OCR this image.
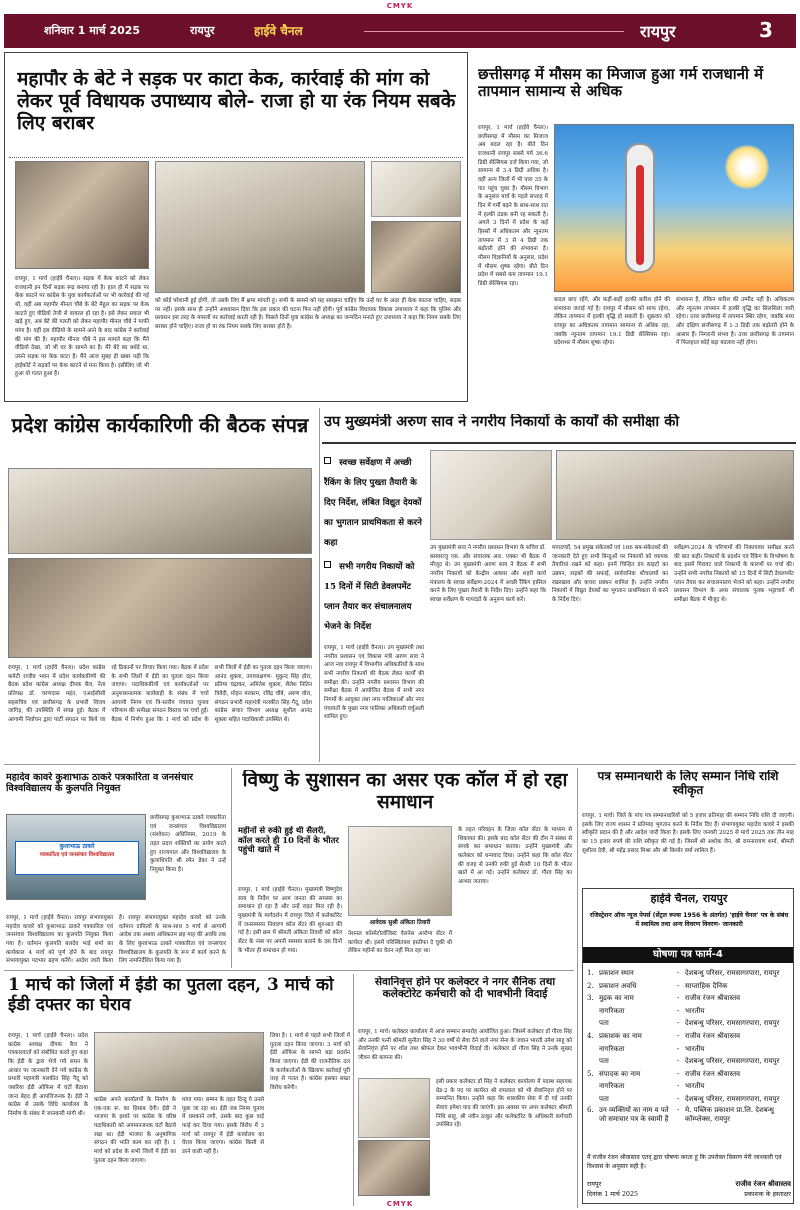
CMYK
शनिवार 1 मार्च 2025	रायपुर	हाईवे चैनल	रायपुर	3
महापौर के बेटे ने सड़क पर काटा केक, कार्रवाई की मांग को लेकर पूर्व विधायक उपाध्याय बोले- राजा हो या रंक नियम सबके लिए बराबर
रायपुर, 1 मार्च (हाईवे चैनल)। सड़क में केक काटने को लेकर राजधानी इन दिनों सड़क रूढ़ बनाया रही है। हाल ही में सड़क पर केक काटने पर कांग्रेस के युवा कार्यकर्ताओं पर भी कार्रवाई की गई थी, वहीं अब महापौर मीनल चौबे के बेटे मेहुल का सड़क पर केक काटते हुए वीडियो तेजी से वायरल हो रहा है। इसे लेकर सवाल भी खड़े हुए, अब बेटे की गलती को लेकर महापौर मीनल चौबे ने माफी मांगा है। वहीं इस वीडियो के सामने आने के बाद कांग्रेस ने कार्रवाई की मांग की है। महापौर मीनल चौबे ने इस मामले कहा कि मैंने वीडियो देखा, जो भी घर के सामने का है। मेरे बेटे का बर्थडे था, उसने सड़क पर केक काटा है। मैंने आज सुबह ही खबर पढ़ी कि हाईकोर्ट ने सड़कों पर केक काटने से मना किया है। इसीलिए जो भी हुआ वो गलत हुआ है।
को कोई परेशानी हुई होगी, तो उसके लिए मैं क्षमा मांगती हूं। सभी के सामने को यह समझना चाहिए कि उन्हें घर के अंदर ही केक काटना चाहिए, सड़क पर नहीं। इसके साथ ही उन्होंने आश्वासन दिया कि इस प्रकार की घटना फिर नहीं होगी। पूर्व कांग्रेस विधायक विकास उपाध्याय ने कहा कि पुलिस और प्रशासन इस तरह के मामलों पर कार्रवाई करती रही है। पिछले दिनों युवा कांग्रेस के अध्यक्ष का जन्मदिन मनाते हुए उपाध्याय ने कहा कि नियम सबके लिए बराबर होने चाहिए। राजा हो या रंक नियम सबके लिए बराबर होते हैं।
छत्तीसगढ़ में मौसम का मिजाज हुआ गर्म राजधानी में तापमान सामान्य से अधिक
रायपुर, 1 मार्च (हाईवे चैनल)। छत्तीसगढ़ में मौसम का मिजाज अब बदल रहा है। बीते दिन राजधानी रायपुर सबसे गर्म 36.6 डिग्री सेल्सियस दर्ज किया गया, जो सामान्य से 3.4 डिग्री अधिक है। वहीं अन्य जिलों में भी पारा 35 के पार पहुंच चुका है। मौसम विभाग के अनुसार मार्च के पहले सप्ताह में दिन में गर्मी बढ़ने के साथ-साथ रात में हल्की ठंडक बनी रह सकती है। अगले 3 दिनों में प्रदेश के कई हिस्सों में अधिकतम और न्यूनतम तापमान में 3 से 4 डिग्री तक बढ़ोतरी होने की संभावना है। मौसम विज्ञानियों के अनुसार, प्रदेश में मौसम शुष्क रहेगा। बीते दिन प्रदेश में सबसे कम तापमान 19.1 डिग्री सेल्सियस रहा।
बादल छाए रहेंगे, और कहीं-कहीं हल्की बारिश होने की संभावना जताई गई है। रायपुर में मौसम को साफ रहेगा, लेकिन तापमान में हल्की वृद्धि हो सकती है। शुक्रवार को रायपुर का अधिकतम तापमान सामान्य से अधिक रहा, जबकि न्यूनतम तापमान 19.1 डिग्री सेल्सियस रहा। प्रदेशभर में मौसम शुष्क रहेगा।
संभावना है, लेकिन बारिश की उम्मीद नहीं है। अधिकतम और न्यूनतम तापमान में हल्की वृद्धि का सिलसिला जारी रहेगा। उत्तर छत्तीसगढ़ में तापमान स्थिर रहेगा, जबकि मध्य और दक्षिण छत्तीसगढ़ में 1-3 डिग्री तक बढ़ोतरी होने के आसार हैं। निगरानी संभव है। उत्तर छत्तीसगढ़ के तापमान में फिलहाल कोई बड़ा बदलाव नहीं होगा।
प्रदेश कांग्रेस कार्यकारिणी की बैठक संपन्न
रायपुर, 1 मार्च (हाईवे चैनल)। प्रदेश कांग्रेस कमेटी राजीव भवन में प्रदेश कार्यकारिणी की बैठक प्रदेश कांग्रेस अध्यक्ष दीपक बैज, नेता प्रतिपक्ष डॉ. चरणदास महंत, एआईसीसी सहसचिव एवं छत्तीसगढ़ के प्रभारी विजय जांगिड़, की उपस्थिति में संपन्न हुई। बैठक में आगामी निर्वाचन द्वारा पार्टी संगठन पर किये जा रहे ठिकानों पर विचार किया गया। बैठक में प्रदेश के सभी जिलों में ईडी का पुतला दहन किया जाएगा। पदाधिकारियों एवं कार्यकर्ताओं पर अनुशासनात्मक कार्यवाही के संबंध में चर्चा आगामी निगम एवं त्रि-स्तरीय पंचायत चुनाव परिणाम की समीक्षा संगठन विस्तार पर चर्चा हुई। बैठक में निर्णय हुआ कि 1 मार्च को प्रदेश के सभी जिलों में ईडी का पुतला दहन किया जाएगा। आनंद शुक्ला, उपाध्यक्षगण- मुकुन्द सिंह होरा, प्रतिमा चंद्राकर, अमितेश शुक्ला, शैलेश नितिन त्रिवेदी, मोहन मरकाम, रविंद्र चौबे, अरुण वोरा, संगठन प्रभारी महामंत्री मलकीत सिंह गैदू, प्रदेश कांग्रेस संचार विभाग अध्यक्ष सुशील आनंद शुक्ला सहित पदाधिकारी उपस्थित थे।
उप मुख्यमंत्री अरुण साव ने नगरीय निकायों के कार्यों की समीक्षा की
स्वच्छ सर्वेक्षण में अच्छी रैंकिंग के लिए पुख्ता तैयारी के दिए निर्देश, लंबित विद्युत देयकों का भुगतान प्राथमिकता से करने कहा
सभी नगरीय निकायों को 15 दिनों में सिटी डेवलपमेंट प्लान तैयार कर संचालनालय भेजने के निर्देश
रायपुर, 1 मार्च (हाईवे चैनल)। उप मुख्यमंत्री तथा नगरीय प्रशासन एवं विकास मंत्री अरुण साव ने आज नवा रायपुर में विभागीय अधिकारियों के साथ सभी नगरीय निकायों की बैठक लेकर कार्यों की समीक्षा की। उन्होंने नगरीय प्रशासन विभाग की समीक्षा बैठक में आयोजित बैठक में सभी नगर निगमों के आयुक्त तथा नगर पालिकाओं और नगर पंचायतों के मुख्य नगर पालिका अधिकारी वर्चुअली शामिल हुए।
उप मुख्यमंत्री साव ने नगरीय प्रशासन विभाग के सचिव डॉ. बसवराजु एस. और संचालक आर. एक्का भी बैठक में मौजूद थे। उप मुख्यमंत्री अरुण साव ने बैठक में सभी नगरीय निकायों को केन्द्रीय आवास और शहरी कार्य मंत्रालय के स्वच्छ सर्वेक्षण-2024 में अच्छी रैंकिंग हासिल करने के लिए पुख्ता तैयारी के निर्देश दिए। उन्होंने कहा कि स्वच्छ सर्वेक्षण के मापदंडों के अनुरूप कार्य करें।
मापदण्डों, 54 प्रमुख संकेतकों एवं 166 सब-संकेतकों की जानकारी देते हुए सभी बिन्दुओं पर निकायों को व्यापक तैयारियां रखने को कहा। इनमें चिन्हित डंप साइटों का उन्नयन, सड़कों की सफाई, सार्वजनिक शौचालयों का रखरखाव और कचरा प्रबंधन शामिल है। उन्होंने नगरीय निकायों में विद्युत देयकों का भुगतान प्राथमिकता से करने के निर्देश दिए।
सर्वेक्षण-2024 के परिणामों की निकायवार समीक्षा करने की बात कही। निकायों के प्रदर्शन एवं रैंकिंग के विश्लेषण के बाद इसमें गिरावट वाले निकायों के कारणों पर चर्चा की। उन्होंने सभी नगरीय निकायों को 15 दिनों में सिटी डेवलपमेंट प्लान तैयार कर संचालनालय भेजने को कहा। उन्होंने नगरीय प्रशासन विभाग के अपर संचालक पुलक भट्टाचार्य भी समीक्षा बैठक में मौजूद थे।
महादेव कावरे कुशाभाऊ ठाकरे पत्रकारिता व जनसंचार विश्वविद्यालय के कुलपति नियुक्त
कुशाभाऊ ठाकरे
पत्रकारिता एवं जनसंचार विश्वविद्यालय
छत्तीसगढ़ कुशाभाऊ ठाकरे पत्रकारिता एवं जनसंचार विश्वविद्यालय (संशोधन) अधिनियम, 2019 के तहत प्रदत्त शक्तियों का प्रयोग करते हुए राज्यपाल और विश्वविद्यालय के कुलाधिपति श्री रमेन डेका ने उन्हें नियुक्त किया है।
रायपुर, 1 मार्च (हाईवे चैनल)। रायपुर संभागायुक्त महादेव कावरे को कुशाभाऊ ठाकरे पत्रकारिता एवं जनसंचार विश्वविद्यालय का कुलपति नियुक्त किया गया है। वर्तमान कुलपति बलदेव भाई शर्मा का कार्यकाल 4 मार्च को पूर्ण होने के बाद रायपुर संभागायुक्त पदभार ग्रहण करेंगे। आदेश जारी किया है। रायपुर संभागायुक्त महादेव कावरे को उनके वर्तमान दायित्वों के साथ-साथ 5 मार्च से आगामी आदेश तक अथवा अधिकतम छह माह की अवधि तक के लिए कुशाभाऊ ठाकरे पत्रकारिता एवं जनसंचार विश्वविद्यालय के कुलपति के रूप में कार्य करने के लिए नामनिर्देशित किया गया है।
विष्णु के सुशासन का असर एक कॉल में हो रहा समाधान
महीनों से रुकी हुई थी सैलरी, कॉल करते ही 10 दिनों के भीतर पहुंची खाते में
रायपुर, 1 मार्च (हाईवे चैनल)। मुख्यमंत्री विष्णुदेव साय के निर्देश पर आम जनता की समस्या का समाधान हो रहा है और उन्हें राहत मिल रही है। मुख्यमंत्री के मार्गदर्शन में रायपुर जिले में कलेक्टोरेट में जनसमस्या निवारण कॉल सेंटर की शुरुआत की गई है। इसी क्रम में श्रीमती अंकिता तिवारी को कॉल सेंटर के नंबर पर अपनी समस्या बताने के दस दिनों के भीतर ही समाधान हो गया।
आवेदक सुश्री अंकिता तिवारी
नेशनल कॉस्मेटोलॉजिस्ट वेलनेस आरोग्य सेंटर में कार्यरत थीं। इसमें परिस्थितवश इस्तीफा दे चुकी थी लेकिन महीनों का वेतन नहीं मिल रहा था।
के तहत परिवहन के जिला कॉल सेंटर के माध्यम से शिकायत की। इसके बाद कॉल सेंटर की टीम ने संस्था से संपर्क कर समाधान कराया। उन्होंने मुख्यमंत्री और कलेक्टर को धन्यवाद दिया। उन्होंने कहा कि कॉल सेंटर की वजह से उनकी रुकी हुई सैलरी 10 दिनों के भीतर खाते में आ गई। उन्होंने कलेक्टर डॉ. गौरव सिंह का आभार जताया।
पत्र सम्मानधारी के लिए सम्मान निधि राशि स्वीकृत
रायपुर, 1 मार्च। जिले के पांच पत्र सम्मानधारियों को 5 हजार प्रतिमाह की सम्मान निधि राशि दी जाएगी। इसके लिए राज्य शासन ने प्रतिमाह भुगतान करने के निर्देश दिए हैं। संभागायुक्त महादेव कावरे ने इसकी स्वीकृति प्रदान की है और आदेश जारी किया है। इसके लिए जनवरी 2025 से मार्च 2025 तक तीन माह का 15 हजार रुपये की राशि स्वीकृत की गई है। जिसमें श्री अशोक जैन, श्री रामनारायण शर्मा, श्रीमती सुशीला देवी, श्री महेंद्र प्रसाद मिश्रा और श्री किशोर वर्मा शामिल हैं।
हाईवे चैनल, रायपुर
रजिस्ट्रेशन ऑफ न्यूज पेपर्स (सेंट्रल रूल्स 1956 के अंतर्गत) 'हाईवे चैनल' पत्र के संबंध में स्वामित्व तथा अन्य विवरण विवरण- जानकारी
घोषणा पत्र फार्म-4
1. प्रकाशन स्थान	- देशबन्धु परिसर, रामसागरपारा, रायपुर
2. प्रकाशन अवधि	- साप्ताहिक दैनिक
3. मुद्रक का नाम	- राजीव रंजन श्रीवास्तव
नागरिकता	- भारतीय
पता	- देशबन्धु परिसर, रामसागरपारा, रायपुर
4. प्रकाशक का नाम	- राजीव रंजन श्रीवास्तव
नागरिकता	- भारतीय
पता	- देशबन्धु परिसर, रामसागरपारा, रायपुर
5. संपादक का नाम	- राजीव रंजन श्रीवास्तव
नागरिकता	- भारतीय
पता	- देशबन्धु परिसर, रामसागरपारा, रायपुर
6. उन व्यक्तियों का नाम व पते जो समाचार पत्र के स्वामी हैं
- मे. पब्लिक प्रकाशन प्रा.लि. देशबन्धु कॉम्प्लेक्स, रायपुर
मैं राजीव रंजन श्रीवास्तव एतद् द्वारा घोषणा करता हूं कि उपरोक्त विवरण मेरी जानकारी एवं विश्वास के अनुसार सही है।
रायपुर
दिनांक 1 मार्च 2025
राजीव रंजन श्रीवास्तव
प्रकाशक के हस्ताक्षर
1 मार्च को जिलों में ईडी का पुतला दहन, 3 मार्च को ईडी दफ्तर का घेराव
रायपुर, 1 मार्च (हाईवे चैनल)। प्रदेश कांग्रेस अध्यक्ष दीपक बैज ने पत्रकारवार्ता को संबोधित करते हुए कहा कि ईडी के द्वारा भेजे गये समन के आधार पर जानकारी देने गये कांग्रेस के प्रभारी महामंत्री मलकीत सिंह गैदू को जबरिया ईडी ऑफिस में घंटों बैठाया जाना बेहद ही आपत्तिजनक है। ईडी ने कांग्रेस से उसके विधि कार्यालय के निर्माण के संबंध में जानकारी मांगी थी।
कांग्रेस अपने कार्यालयों के निर्माण के एक-एक रू. का हिसाब देगी। ईडी ने भाजपा के इशारे पर कांग्रेस के वरिष्ठ पदाधिकारी को अपमानजनक घंटों बैठाये रखा था। ईडी भाजपा के अनुषांगिक संगठन की भांति काम कर रही है। 1 मार्च को प्रदेश के सभी जिलों में ईडी का पुतला दहन किया जाएगा।
मांगा गया। सम्मन के तहत दिन्दु ये उनसे पूछा जा रहा था। ईडी जब निगम चुनाव में धमकाने लगी, उसके बाद कुछ वाई फाई कर दिया गया। इसके विरोध में 3 मार्च को रायपुर में ईडी कार्यालय का घेराव किया जाएगा। कांग्रेस किसी से डरने वाली नहीं है।
लिया है। 1 मार्च से पहले सभी जिलों में पुतला दहन किया जाएगा। 3 मार्च को ईडी ऑफिस के सामने बड़ा प्रदर्शन किया जाएगा। ईडी की राजनीतिक दल के कार्यकर्ताओं के खिलाफ कार्रवाई पूरी तरह से गलत है। कांग्रेस इसका सख्त विरोध करेगी।
सेवानिवृत्त होने पर कलेक्टर ने नगर सैनिक तथा कलेक्टोरेट कर्मचारी को दी भावभीनी विदाई
रायपुर, 1 मार्च। कलेक्टर कार्यालय में आज सम्मान समारोह आयोजित हुआ। जिसमें कलेक्टर डॉ गौरव सिंह और उनकी पत्नी श्रीमती सुनीता सिंह ने 30 वर्षों से सेवा देने वाले नगर सेना के जवान भारती उमेश साहू को सेवानिवृत्त होने पर शॉल तथा श्रीफल देकर भावभीनी विदाई दी। कलेक्टर डॉ गौरव सिंह ने उनके सुखद जीवन की कामना की।
इसी प्रकार कलेक्टर डॉ सिंह ने कलेक्टर कार्यालय में पदस्थ सहायक ग्रेड-2 के पद पर कार्यरत श्री रामलाल को भी सेवानिवृत्त होने पर सम्मानित किया। उन्होंने कहा कि शासकीय सेवा में दी गई उनकी सेवाएं हमेशा याद की जाएंगी। इस अवसर पर अपर कलेक्टर श्रीमती निधि साहू, श्री नवीन ठाकुर और कलेक्टोरेट के अधिकारी कर्मचारी उपस्थित रहे।
CMYK
